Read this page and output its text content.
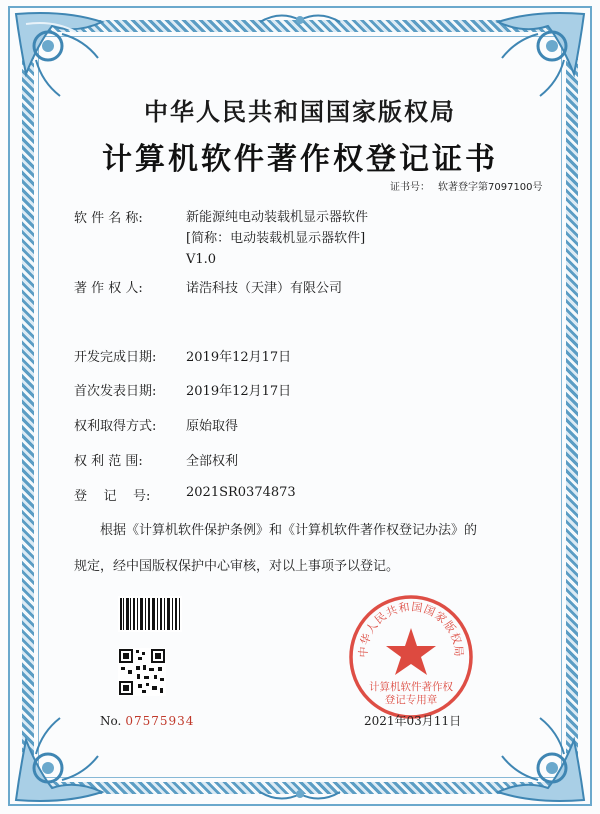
中华人民共和国国家版权局
计算机软件著作权登记证书
证书号： 软著登字第7097100号
软 件 名 称:	新能源纯电动装载机显示器软件
[简称：电动装载机显示器软件]
V1.0
著 作 权 人:	诺浩科技（天津）有限公司
开发完成日期: 2019年12月17日
首次发表日期: 2019年12月17日
权利取得方式: 原始取得
权 利 范 围:	全部权利
登    记    号:	2021SR0374873
根据《计算机软件保护条例》和《计算机软件著作权登记办法》的
规定，经中国版权保护中心审核，对以上事项予以登记。
No. 07575934
中华人民共和国国家版权局
计算机软件著作权
登记专用章
2021年03月11日
